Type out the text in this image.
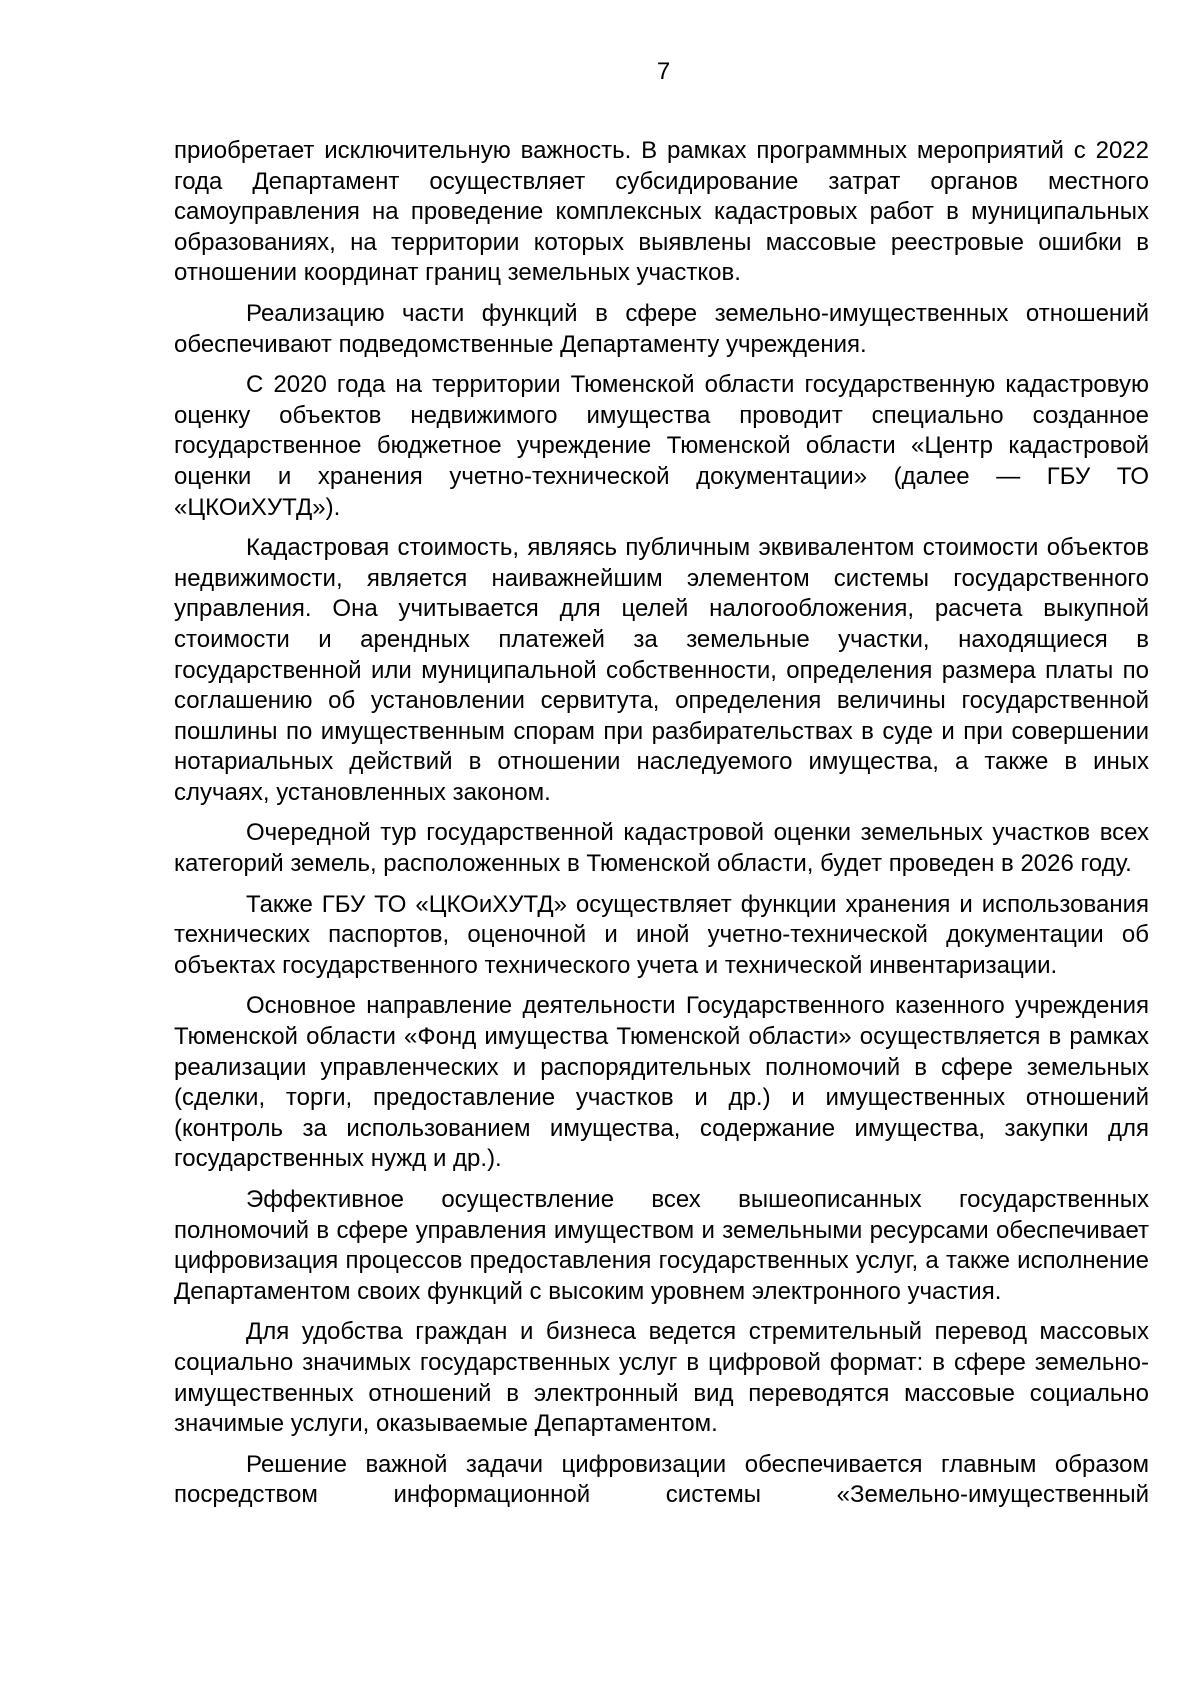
7

приобретает исключительную важность. В рамках программных мероприятий с 2022 года Департамент осуществляет субсидирование затрат органов местного самоуправления на проведение комплексных кадастровых работ в муниципальных образованиях, на территории которых выявлены массовые реестровые ошибки в отношении координат границ земельных участков.

Реализацию части функций в сфере земельно-имущественных отношений обеспечивают подведомственные Департаменту учреждения.

С 2020 года на территории Тюменской области государственную кадастровую оценку объектов недвижимого имущества проводит специально созданное государственное бюджетное учреждение Тюменской области «Центр кадастровой оценки и хранения учетно-технической документации» (далее — ГБУ ТО «ЦКОиХУТД»).

Кадастровая стоимость, являясь публичным эквивалентом стоимости объектов недвижимости, является наиважнейшим элементом системы государственного управления. Она учитывается для целей налогообложения, расчета выкупной стоимости и арендных платежей за земельные участки, находящиеся в государственной или муниципальной собственности, определения размера платы по соглашению об установлении сервитута, определения величины государственной пошлины по имущественным спорам при разбирательствах в суде и при совершении нотариальных действий в отношении наследуемого имущества, а также в иных случаях, установленных законом.

Очередной тур государственной кадастровой оценки земельных участков всех категорий земель, расположенных в Тюменской области, будет проведен в 2026 году.

Также ГБУ ТО «ЦКОиХУТД» осуществляет функции хранения и использования технических паспортов, оценочной и иной учетно-технической документации об объектах государственного технического учета и технической инвентаризации.

Основное направление деятельности Государственного казенного учреждения Тюменской области «Фонд имущества Тюменской области» осуществляется в рамках реализации управленческих и распорядительных полномочий в сфере земельных (сделки, торги, предоставление участков и др.) и имущественных отношений (контроль за использованием имущества, содержание имущества, закупки для государственных нужд и др.).

Эффективное осуществление всех вышеописанных государственных полномочий в сфере управления имуществом и земельными ресурсами обеспечивает цифровизация процессов предоставления государственных услуг, а также исполнение Департаментом своих функций с высоким уровнем электронного участия.

Для удобства граждан и бизнеса ведется стремительный перевод массовых социально значимых государственных услуг в цифровой формат: в сфере земельно-имущественных отношений в электронный вид переводятся массовые социально значимые услуги, оказываемые Департаментом.

Решение важной задачи цифровизации обеспечивается главным образом посредством информационной системы «Земельно-имущественный
